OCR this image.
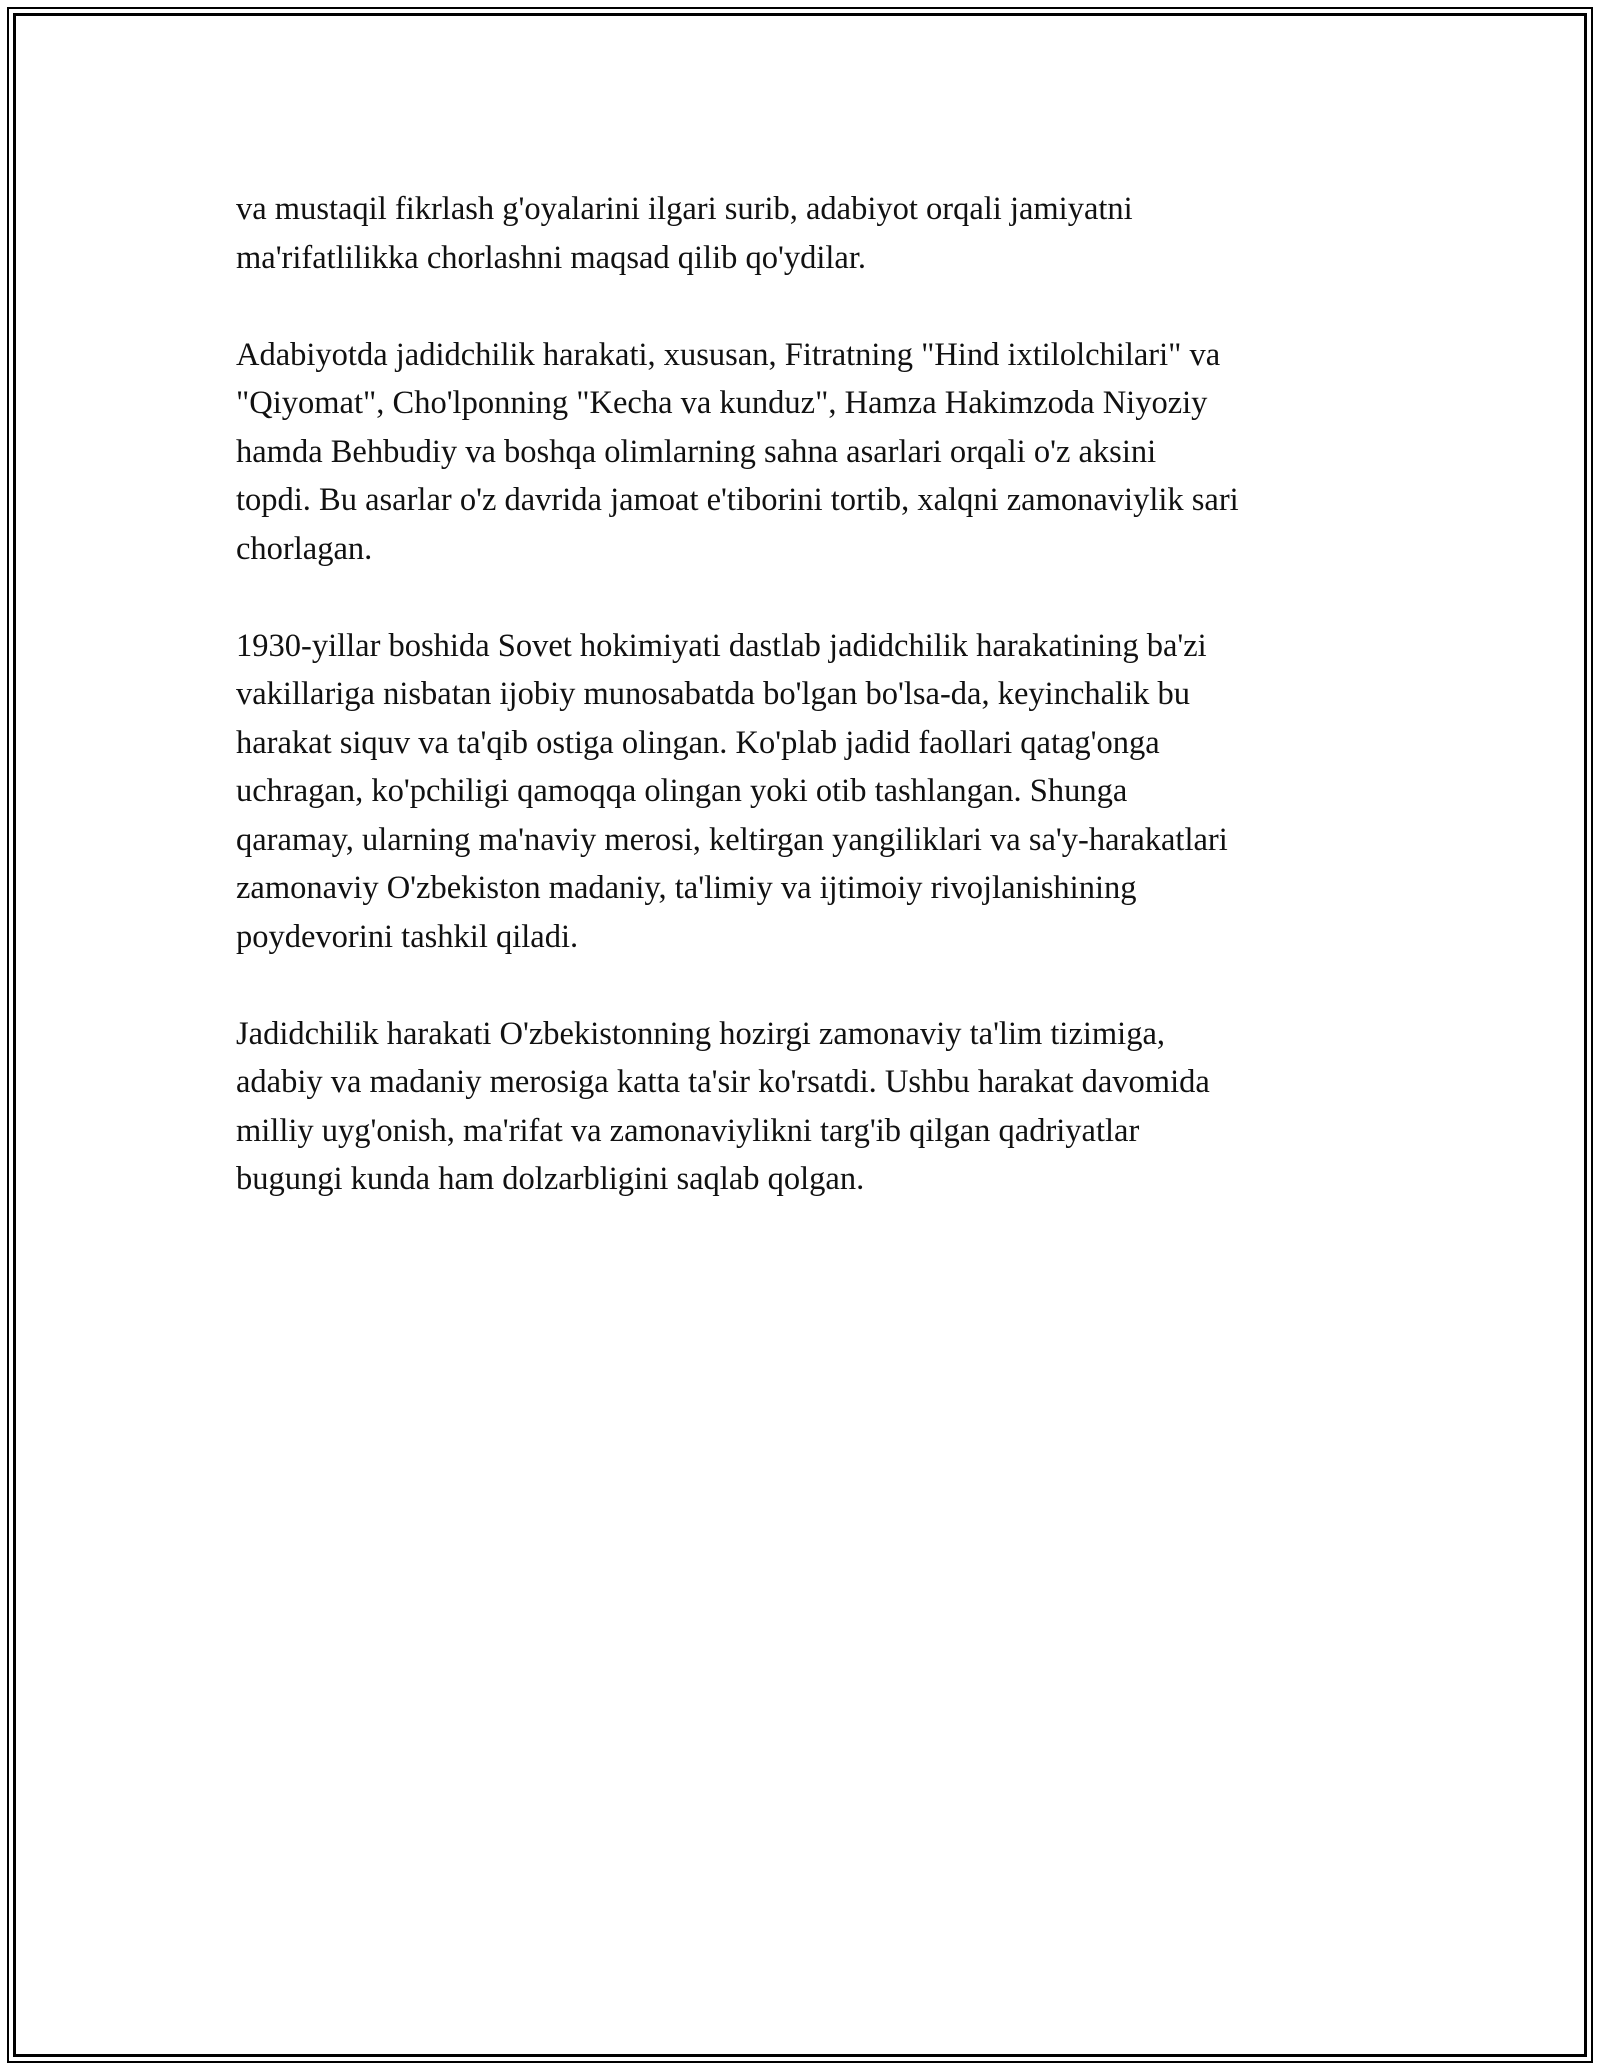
va mustaqil fikrlash g'oyalarini ilgari surib, adabiyot orqali jamiyatni
ma'rifatlilikka chorlashni maqsad qilib qo'ydilar.

Adabiyotda jadidchilik harakati, xususan, Fitratning "Hind ixtilolchilari" va
"Qiyomat", Cho'lponning "Kecha va kunduz", Hamza Hakimzoda Niyoziy
hamda Behbudiy va boshqa olimlarning sahna asarlari orqali o'z aksini
topdi. Bu asarlar o'z davrida jamoat e'tiborini tortib, xalqni zamonaviylik sari
chorlagan.

1930-yillar boshida Sovet hokimiyati dastlab jadidchilik harakatining ba'zi
vakillariga nisbatan ijobiy munosabatda bo'lgan bo'lsa-da, keyinchalik bu
harakat siquv va ta'qib ostiga olingan. Ko'plab jadid faollari qatag'onga
uchragan, ko'pchiligi qamoqqa olingan yoki otib tashlangan. Shunga
qaramay, ularning ma'naviy merosi, keltirgan yangiliklari va sa'y-harakatlari
zamonaviy O'zbekiston madaniy, ta'limiy va ijtimoiy rivojlanishining
poydevorini tashkil qiladi.

Jadidchilik harakati O'zbekistonning hozirgi zamonaviy ta'lim tizimiga,
adabiy va madaniy merosiga katta ta'sir ko'rsatdi. Ushbu harakat davomida
milliy uyg'onish, ma'rifat va zamonaviylikni targ'ib qilgan qadriyatlar
bugungi kunda ham dolzarbligini saqlab qolgan.
